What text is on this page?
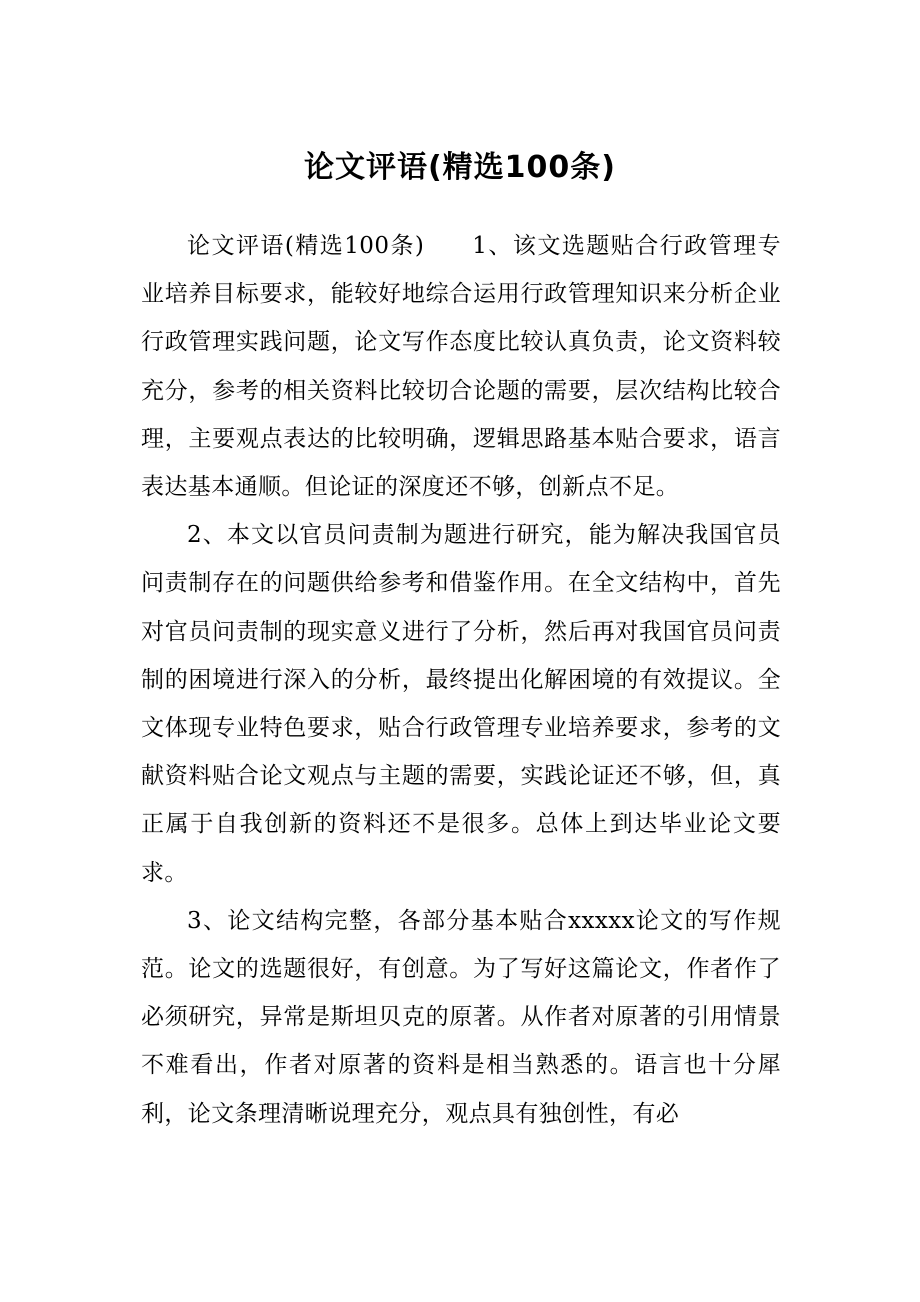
论文评语(精选100条)

论文评语(精选100条) 1、该文选题贴合行政管理专业培养目标要求，能较好地综合运用行政管理知识来分析企业行政管理实践问题，论文写作态度比较认真负责，论文资料较充分，参考的相关资料比较切合论题的需要，层次结构比较合理，主要观点表达的比较明确，逻辑思路基本贴合要求，语言表达基本通顺。但论证的深度还不够，创新点不足。

2、本文以官员问责制为题进行研究，能为解决我国官员问责制存在的问题供给参考和借鉴作用。在全文结构中，首先对官员问责制的现实意义进行了分析，然后再对我国官员问责制的困境进行深入的分析，最终提出化解困境的有效提议。全文体现专业特色要求，贴合行政管理专业培养要求，参考的文献资料贴合论文观点与主题的需要，实践论证还不够，但，真正属于自我创新的资料还不是很多。总体上到达毕业论文要求。

3、论文结构完整，各部分基本贴合xxxxx论文的写作规范。论文的选题很好，有创意。为了写好这篇论文，作者作了必须研究，异常是斯坦贝克的原著。从作者对原著的引用情景不难看出，作者对原著的资料是相当熟悉的。语言也十分犀利，论文条理清晰说理充分，观点具有独创性，有必
